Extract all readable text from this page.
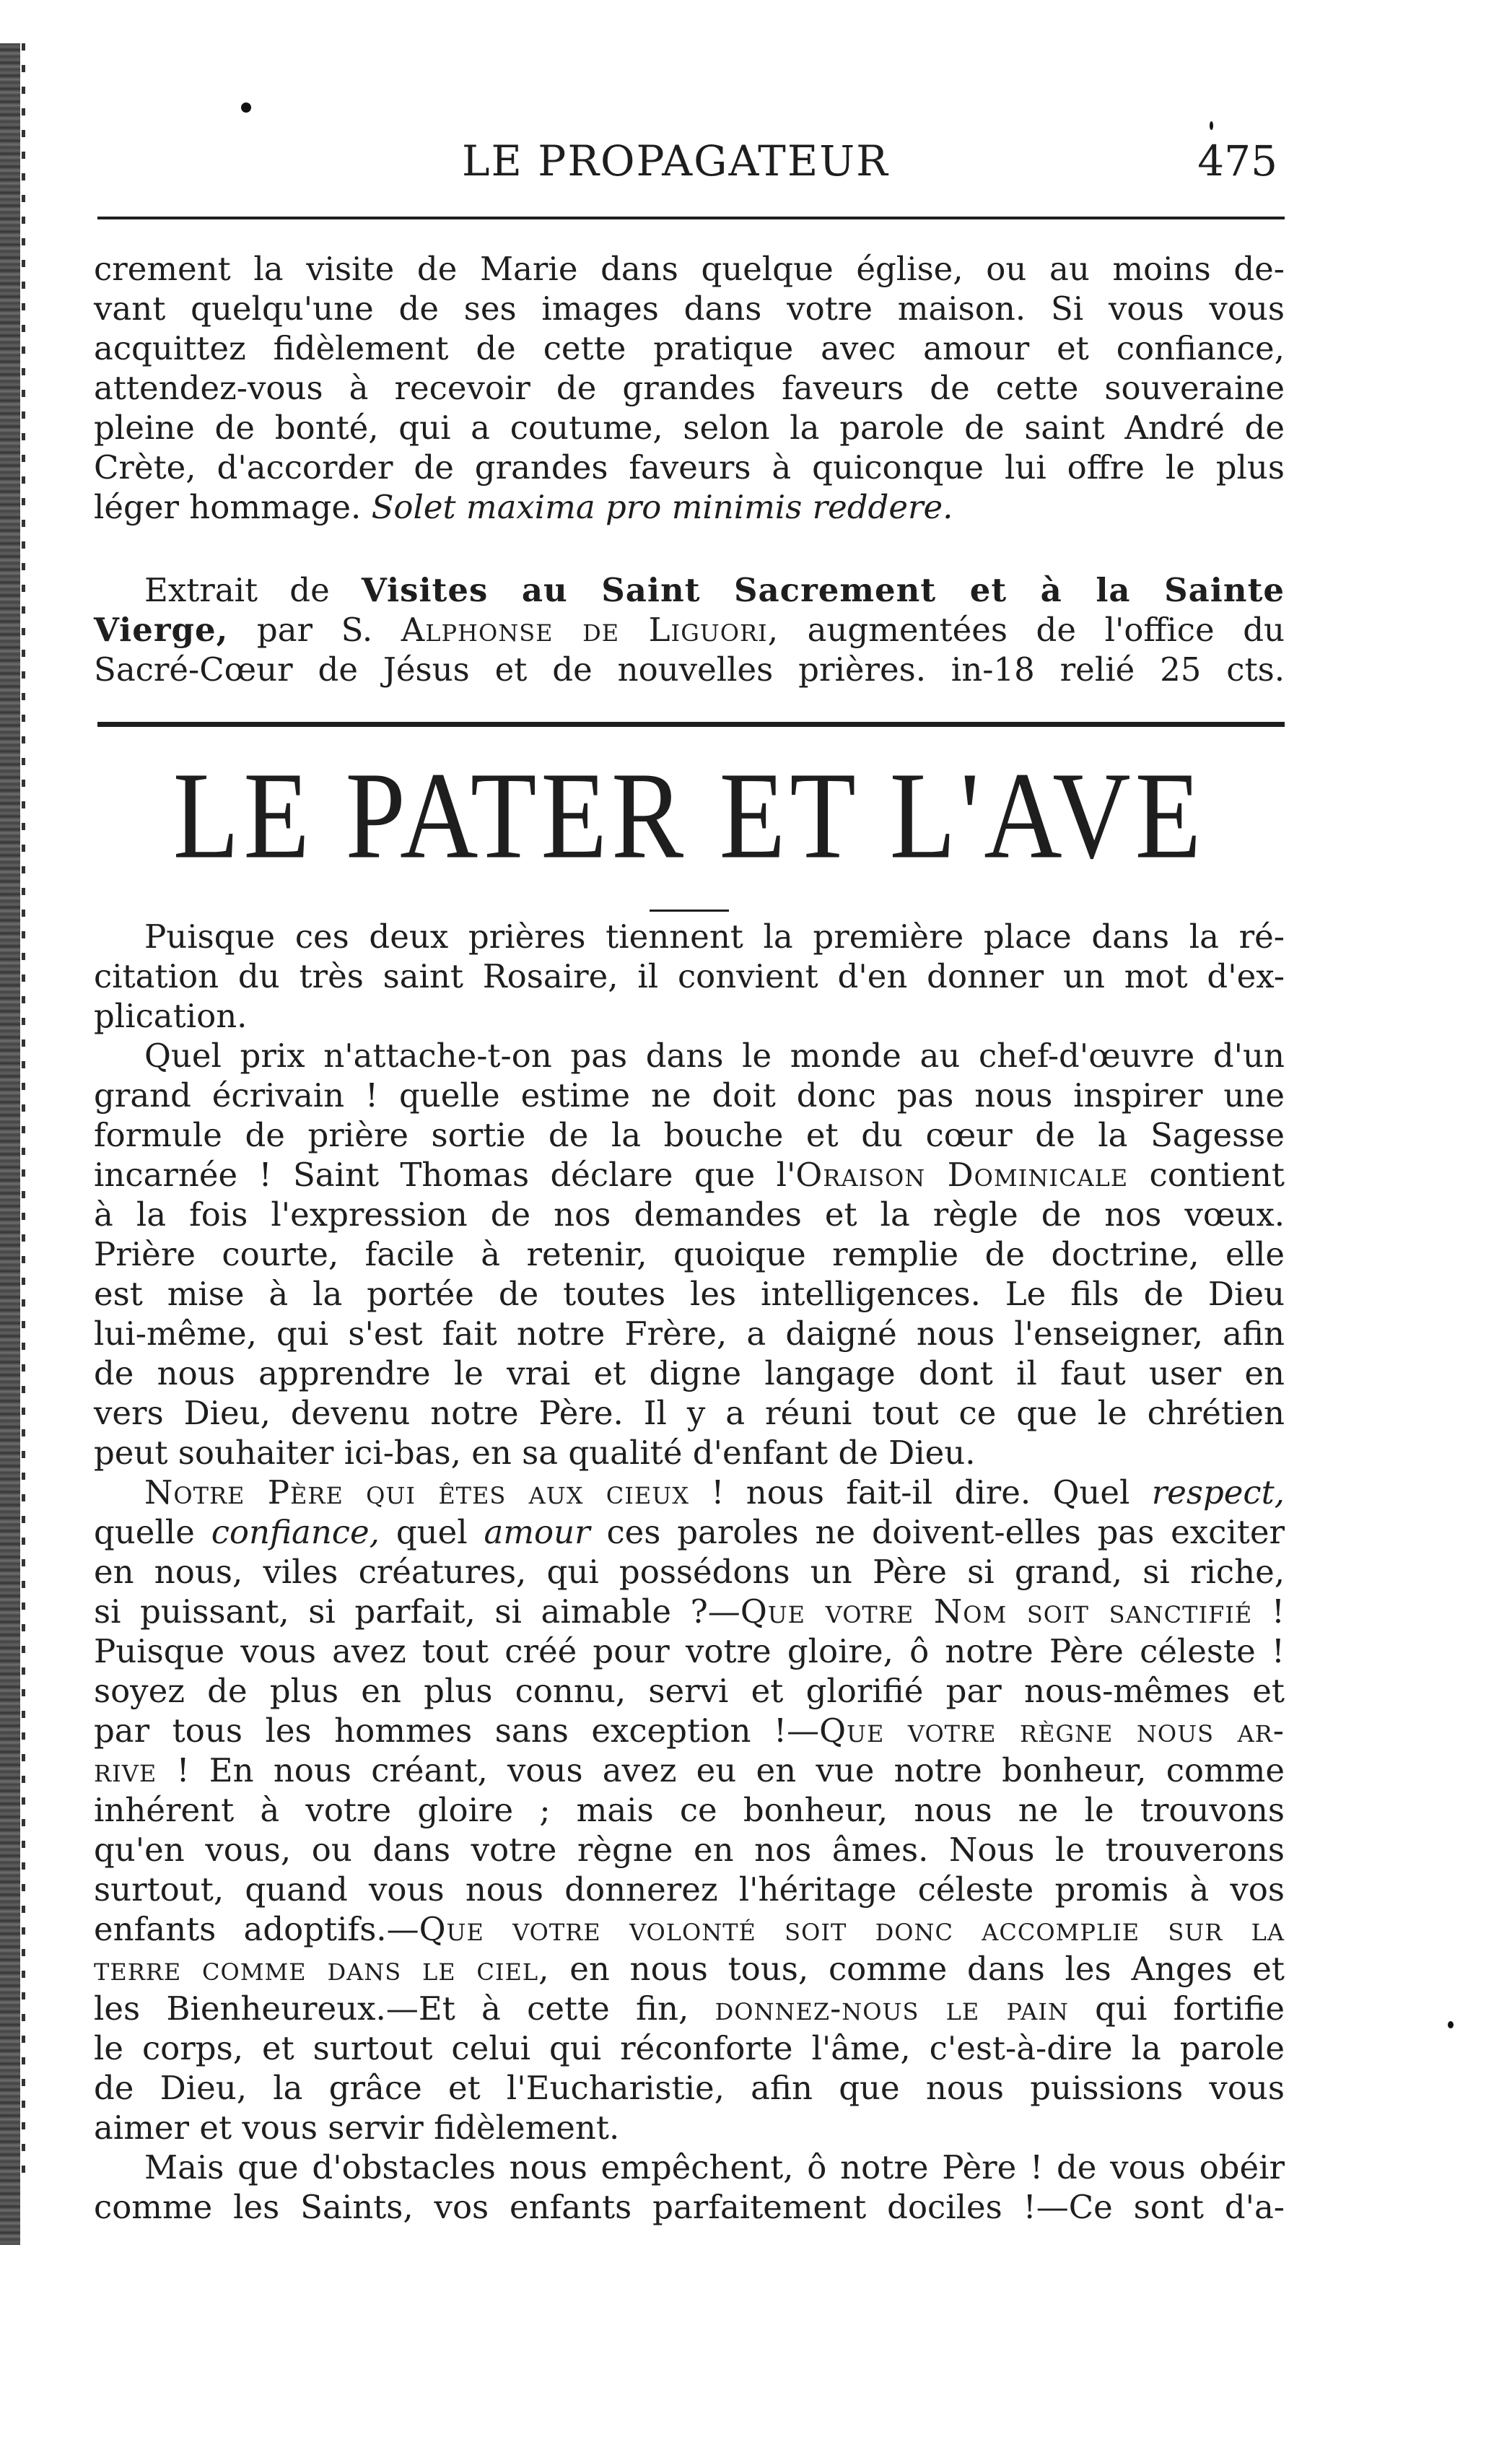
LE PROPAGATEUR	475
crement la visite de Marie dans quelque église, ou au moins de-
vant quelqu'une de ses images dans votre maison. Si vous vous
acquittez fidèlement de cette pratique avec amour et confiance,
attendez-vous à recevoir de grandes faveurs de cette souveraine
pleine de bonté, qui a coutume, selon la parole de saint André de
Crète, d'accorder de grandes faveurs à quiconque lui offre le plus
léger hommage. Solet maxima pro minimis reddere.
Extrait de Visites au Saint Sacrement et à la Sainte
Vierge, par S. Alphonse de Liguori, augmentées de l'office du
Sacré-Cœur de Jésus et de nouvelles prières. in-18 relié 25 cts.
LE PATER ET L'AVE
Puisque ces deux prières tiennent la première place dans la ré-
citation du très saint Rosaire, il convient d'en donner un mot d'ex-
plication.
Quel prix n'attache-t-on pas dans le monde au chef-d'œuvre d'un
grand écrivain ! quelle estime ne doit donc pas nous inspirer une
formule de prière sortie de la bouche et du cœur de la Sagesse
incarnée ! Saint Thomas déclare que l'Oraison Dominicale contient
à la fois l'expression de nos demandes et la règle de nos vœux.
Prière courte, facile à retenir, quoique remplie de doctrine, elle
est mise à la portée de toutes les intelligences. Le fils de Dieu
lui-même, qui s'est fait notre Frère, a daigné nous l'enseigner, afin
de nous apprendre le vrai et digne langage dont il faut user en
vers Dieu, devenu notre Père. Il y a réuni tout ce que le chrétien
peut souhaiter ici-bas, en sa qualité d'enfant de Dieu.
Notre Père qui êtes aux cieux ! nous fait-il dire. Quel respect,
quelle confiance, quel amour ces paroles ne doivent-elles pas exciter
en nous, viles créatures, qui possédons un Père si grand, si riche,
si puissant, si parfait, si aimable ?—Que votre Nom soit sanctifié !
Puisque vous avez tout créé pour votre gloire, ô notre Père céleste !
soyez de plus en plus connu, servi et glorifié par nous-mêmes et
par tous les hommes sans exception !—Que votre règne nous ar-
rive ! En nous créant, vous avez eu en vue notre bonheur, comme
inhérent à votre gloire ; mais ce bonheur, nous ne le trouvons
qu'en vous, ou dans votre règne en nos âmes. Nous le trouverons
surtout, quand vous nous donnerez l'héritage céleste promis à vos
enfants adoptifs.—Que votre volonté soit donc accomplie sur la
terre comme dans le ciel, en nous tous, comme dans les Anges et
les Bienheureux.—Et à cette fin, donnez-nous le pain qui fortifie
le corps, et surtout celui qui réconforte l'âme, c'est-à-dire la parole
de Dieu, la grâce et l'Eucharistie, afin que nous puissions vous
aimer et vous servir fidèlement.
Mais que d'obstacles nous empêchent, ô notre Père ! de vous obéir
comme les Saints, vos enfants parfaitement dociles !—Ce sont d'a-
